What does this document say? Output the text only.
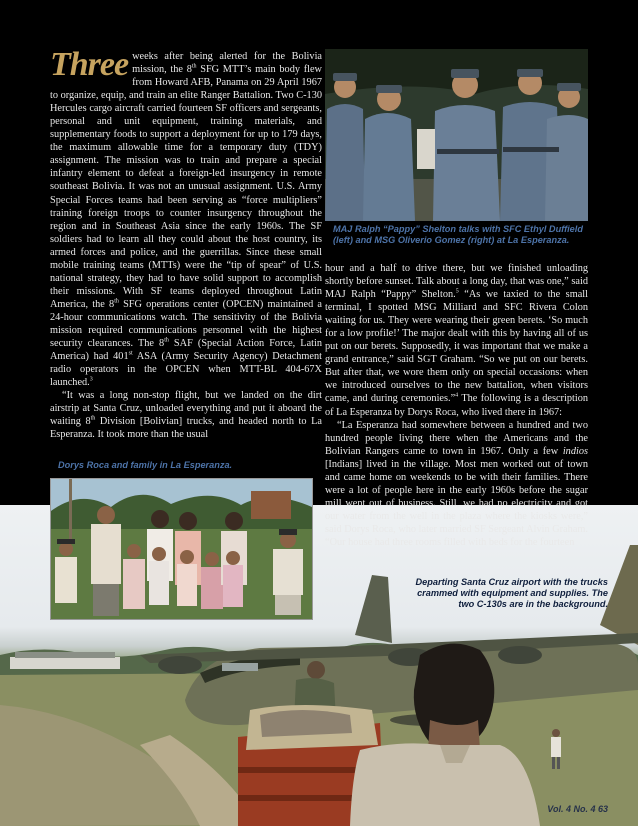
Three weeks after being alerted for the Bolivia mission, the 8th SFG MTT’s main body flew from Howard AFB, Panama on 29 April 1967 to organize, equip, and train an elite Ranger Battalion. Two C-130 Hercules cargo aircraft carried fourteen SF officers and sergeants, personal and unit equipment, training materials, and supplementary foods to support a deployment for up to 179 days, the maximum allowable time for a temporary duty (TDY) assignment. The mission was to train and prepare a special infantry element to defeat a foreign-led insurgency in remote southeast Bolivia. It was not an unusual assignment. U.S. Army Special Forces teams had been serving as “force multipliers” training foreign troops to counter insurgency throughout the region and in Southeast Asia since the early 1960s. The SF soldiers had to learn all they could about the host country, its armed forces and police, and the guerrillas. Since these small mobile training teams (MTTs) were the “tip of spear” of U.S. national strategy, they had to have solid support to accomplish their missions. With SF teams deployed throughout Latin America, the 8th SFG operations center (OPCEN) maintained a 24-hour communications watch. The sensitivity of the Bolivia mission required communications personnel with the highest security clearances. The 8th SAF (Special Action Force, Latin America) had 401st ASA (Army Security Agency) Detachment radio operators in the OPCEN when MTT-BL 404-67X launched.$^3$

“It was a long non-stop flight, but we landed on the dirt airstrip at Santa Cruz, unloaded everything and put it aboard the waiting 8th Division [Bolivian] trucks, and headed north to La Esperanza. It took more than the usual

hour and a half to drive there, but we finished unloading shortly before sunset. Talk about a long day, that was one,” said MAJ Ralph “Pappy” Shelton.$^5$ “As we taxied to the small terminal, I spotted MSG Milliard and SFC Rivera Colon waiting for us. They were wearing their green berets. ‘So much for a low profile!’ The major dealt with this by having all of us put on our berets. Supposedly, it was important that we make a grand entrance,” said SGT Graham. “So we put on our berets. But after that, we wore them only on special occasions: when we introduced ourselves to the new battalion, when visitors came, and during ceremonies.”$^4$ The following is a description of La Esperanza by Dorys Roca, who lived there in 1967:

“La Esperanza had somewhere between a hundred and two hundred people living there when the Americans and the Bolivian Rangers came to town in 1967. Only a few indios [Indians] lived in the village. Most men worked out of town and came home on weekends to be with their families. There were a lot of people here in the early 1960s before the sugar mill went out of business. Still, we had no electricity and got our water from the well in the plaza where the kiosks were,” said Dorys Roca, who later married SF Sergeant Alvin Graham. “Our house had three rooms filled with beds for the fourteen

MAJ Ralph “Pappy” Shelton talks with SFC Ethyl Duffield (left) and MSG Oliverio Gomez (right) at La Esperanza.
Dorys Roca and family in La Esperanza.
Departing Santa Cruz airport with the trucks crammed with equipment and supplies. The two C-130s are in the background.
Vol. 4 No. 4 63
